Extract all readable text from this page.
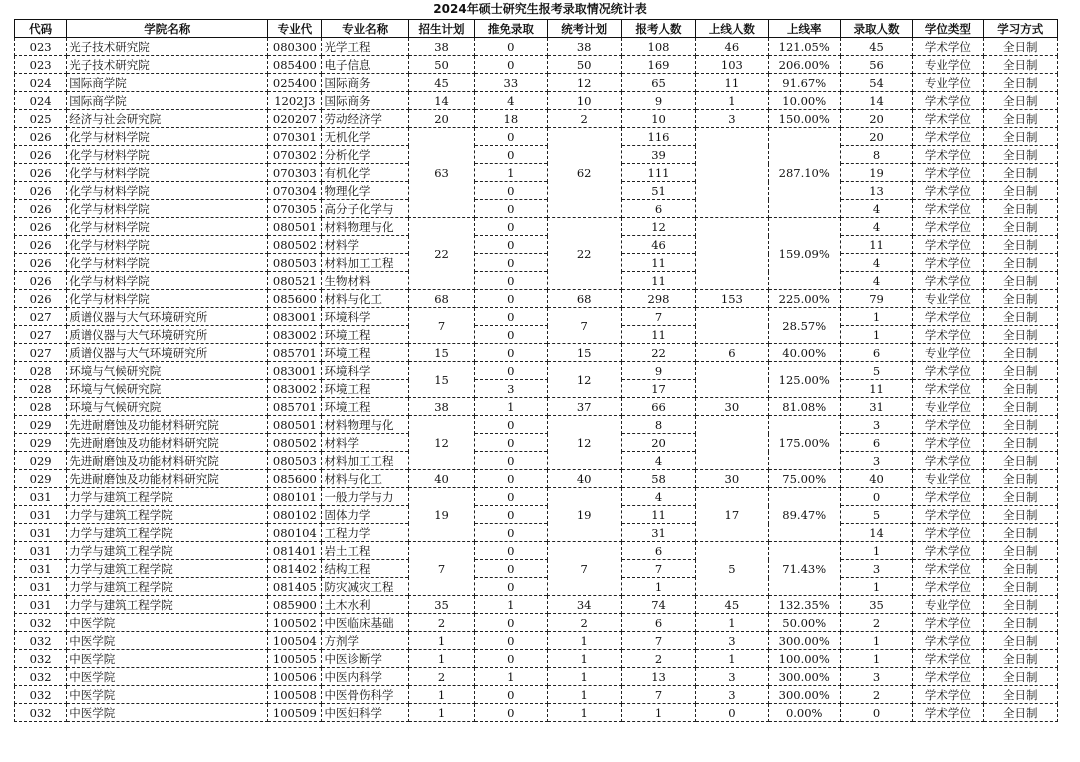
2024年硕士研究生报考录取情况统计表
代码	学院名称	专业代	专业名称	招生计划	推免录取	统考计划	报考人数	上线人数	上线率	录取人数	学位类型	学习方式
023	光子技术研究院	080300	光学工程	38	0	38	108	46	121.05%	45	学术学位	全日制
023	光子技术研究院	085400	电子信息	50	0	50	169	103	206.00%	56	专业学位	全日制
024	国际商学院	025400	国际商务	45	33	12	65	11	91.67%	54	专业学位	全日制
024	国际商学院	1202J3	国际商务	14	4	10	9	1	10.00%	14	学术学位	全日制
025	经济与社会研究院	020207	劳动经济学	20	18	2	10	3	150.00%	20	学术学位	全日制
026	化学与材料学院	070301	无机化学	63	0	62	116		287.10%	20	学术学位	全日制
026	化学与材料学院	070302	分析化学		0		39			8	学术学位	全日制
026	化学与材料学院	070303	有机化学		1		111			19	学术学位	全日制
026	化学与材料学院	070304	物理化学		0		51			13	学术学位	全日制
026	化学与材料学院	070305	高分子化学与		0		6			4	学术学位	全日制
026	化学与材料学院	080501	材料物理与化	22	0	22	12		159.09%	4	学术学位	全日制
026	化学与材料学院	080502	材料学		0		46			11	学术学位	全日制
026	化学与材料学院	080503	材料加工工程		0		11			4	学术学位	全日制
026	化学与材料学院	080521	生物材料		0		11			4	学术学位	全日制
026	化学与材料学院	085600	材料与化工	68	0	68	298	153	225.00%	79	专业学位	全日制
027	质谱仪器与大气环境研究所	083001	环境科学	7	0	7	7		28.57%	1	学术学位	全日制
027	质谱仪器与大气环境研究所	083002	环境工程		0		11			1	学术学位	全日制
027	质谱仪器与大气环境研究所	085701	环境工程	15	0	15	22	6	40.00%	6	专业学位	全日制
028	环境与气候研究院	083001	环境科学	15	0	12	9		125.00%	5	学术学位	全日制
028	环境与气候研究院	083002	环境工程		3		17			11	学术学位	全日制
028	环境与气候研究院	085701	环境工程	38	1	37	66	30	81.08%	31	专业学位	全日制
029	先进耐磨蚀及功能材料研究院	080501	材料物理与化	12	0	12	8		175.00%	3	学术学位	全日制
029	先进耐磨蚀及功能材料研究院	080502	材料学		0		20			6	学术学位	全日制
029	先进耐磨蚀及功能材料研究院	080503	材料加工工程		0		4			3	学术学位	全日制
029	先进耐磨蚀及功能材料研究院	085600	材料与化工	40	0	40	58	30	75.00%	40	专业学位	全日制
031	力学与建筑工程学院	080101	一般力学与力	19	0	19	4	17	89.47%	0	学术学位	全日制
031	力学与建筑工程学院	080102	固体力学		0		11			5	学术学位	全日制
031	力学与建筑工程学院	080104	工程力学		0		31			14	学术学位	全日制
031	力学与建筑工程学院	081401	岩土工程	7	0	7	6	5	71.43%	1	学术学位	全日制
031	力学与建筑工程学院	081402	结构工程		0		7			3	学术学位	全日制
031	力学与建筑工程学院	081405	防灾减灾工程		0		1			1	学术学位	全日制
031	力学与建筑工程学院	085900	土木水利	35	1	34	74	45	132.35%	35	专业学位	全日制
032	中医学院	100502	中医临床基础	2	0	2	6	1	50.00%	2	学术学位	全日制
032	中医学院	100504	方剂学	1	0	1	7	3	300.00%	1	学术学位	全日制
032	中医学院	100505	中医诊断学	1	0	1	2	1	100.00%	1	学术学位	全日制
032	中医学院	100506	中医内科学	2	1	1	13	3	300.00%	3	学术学位	全日制
032	中医学院	100508	中医骨伤科学	1	0	1	7	3	300.00%	2	学术学位	全日制
032	中医学院	100509	中医妇科学	1	0	1	1	0	0.00%	0	学术学位	全日制
